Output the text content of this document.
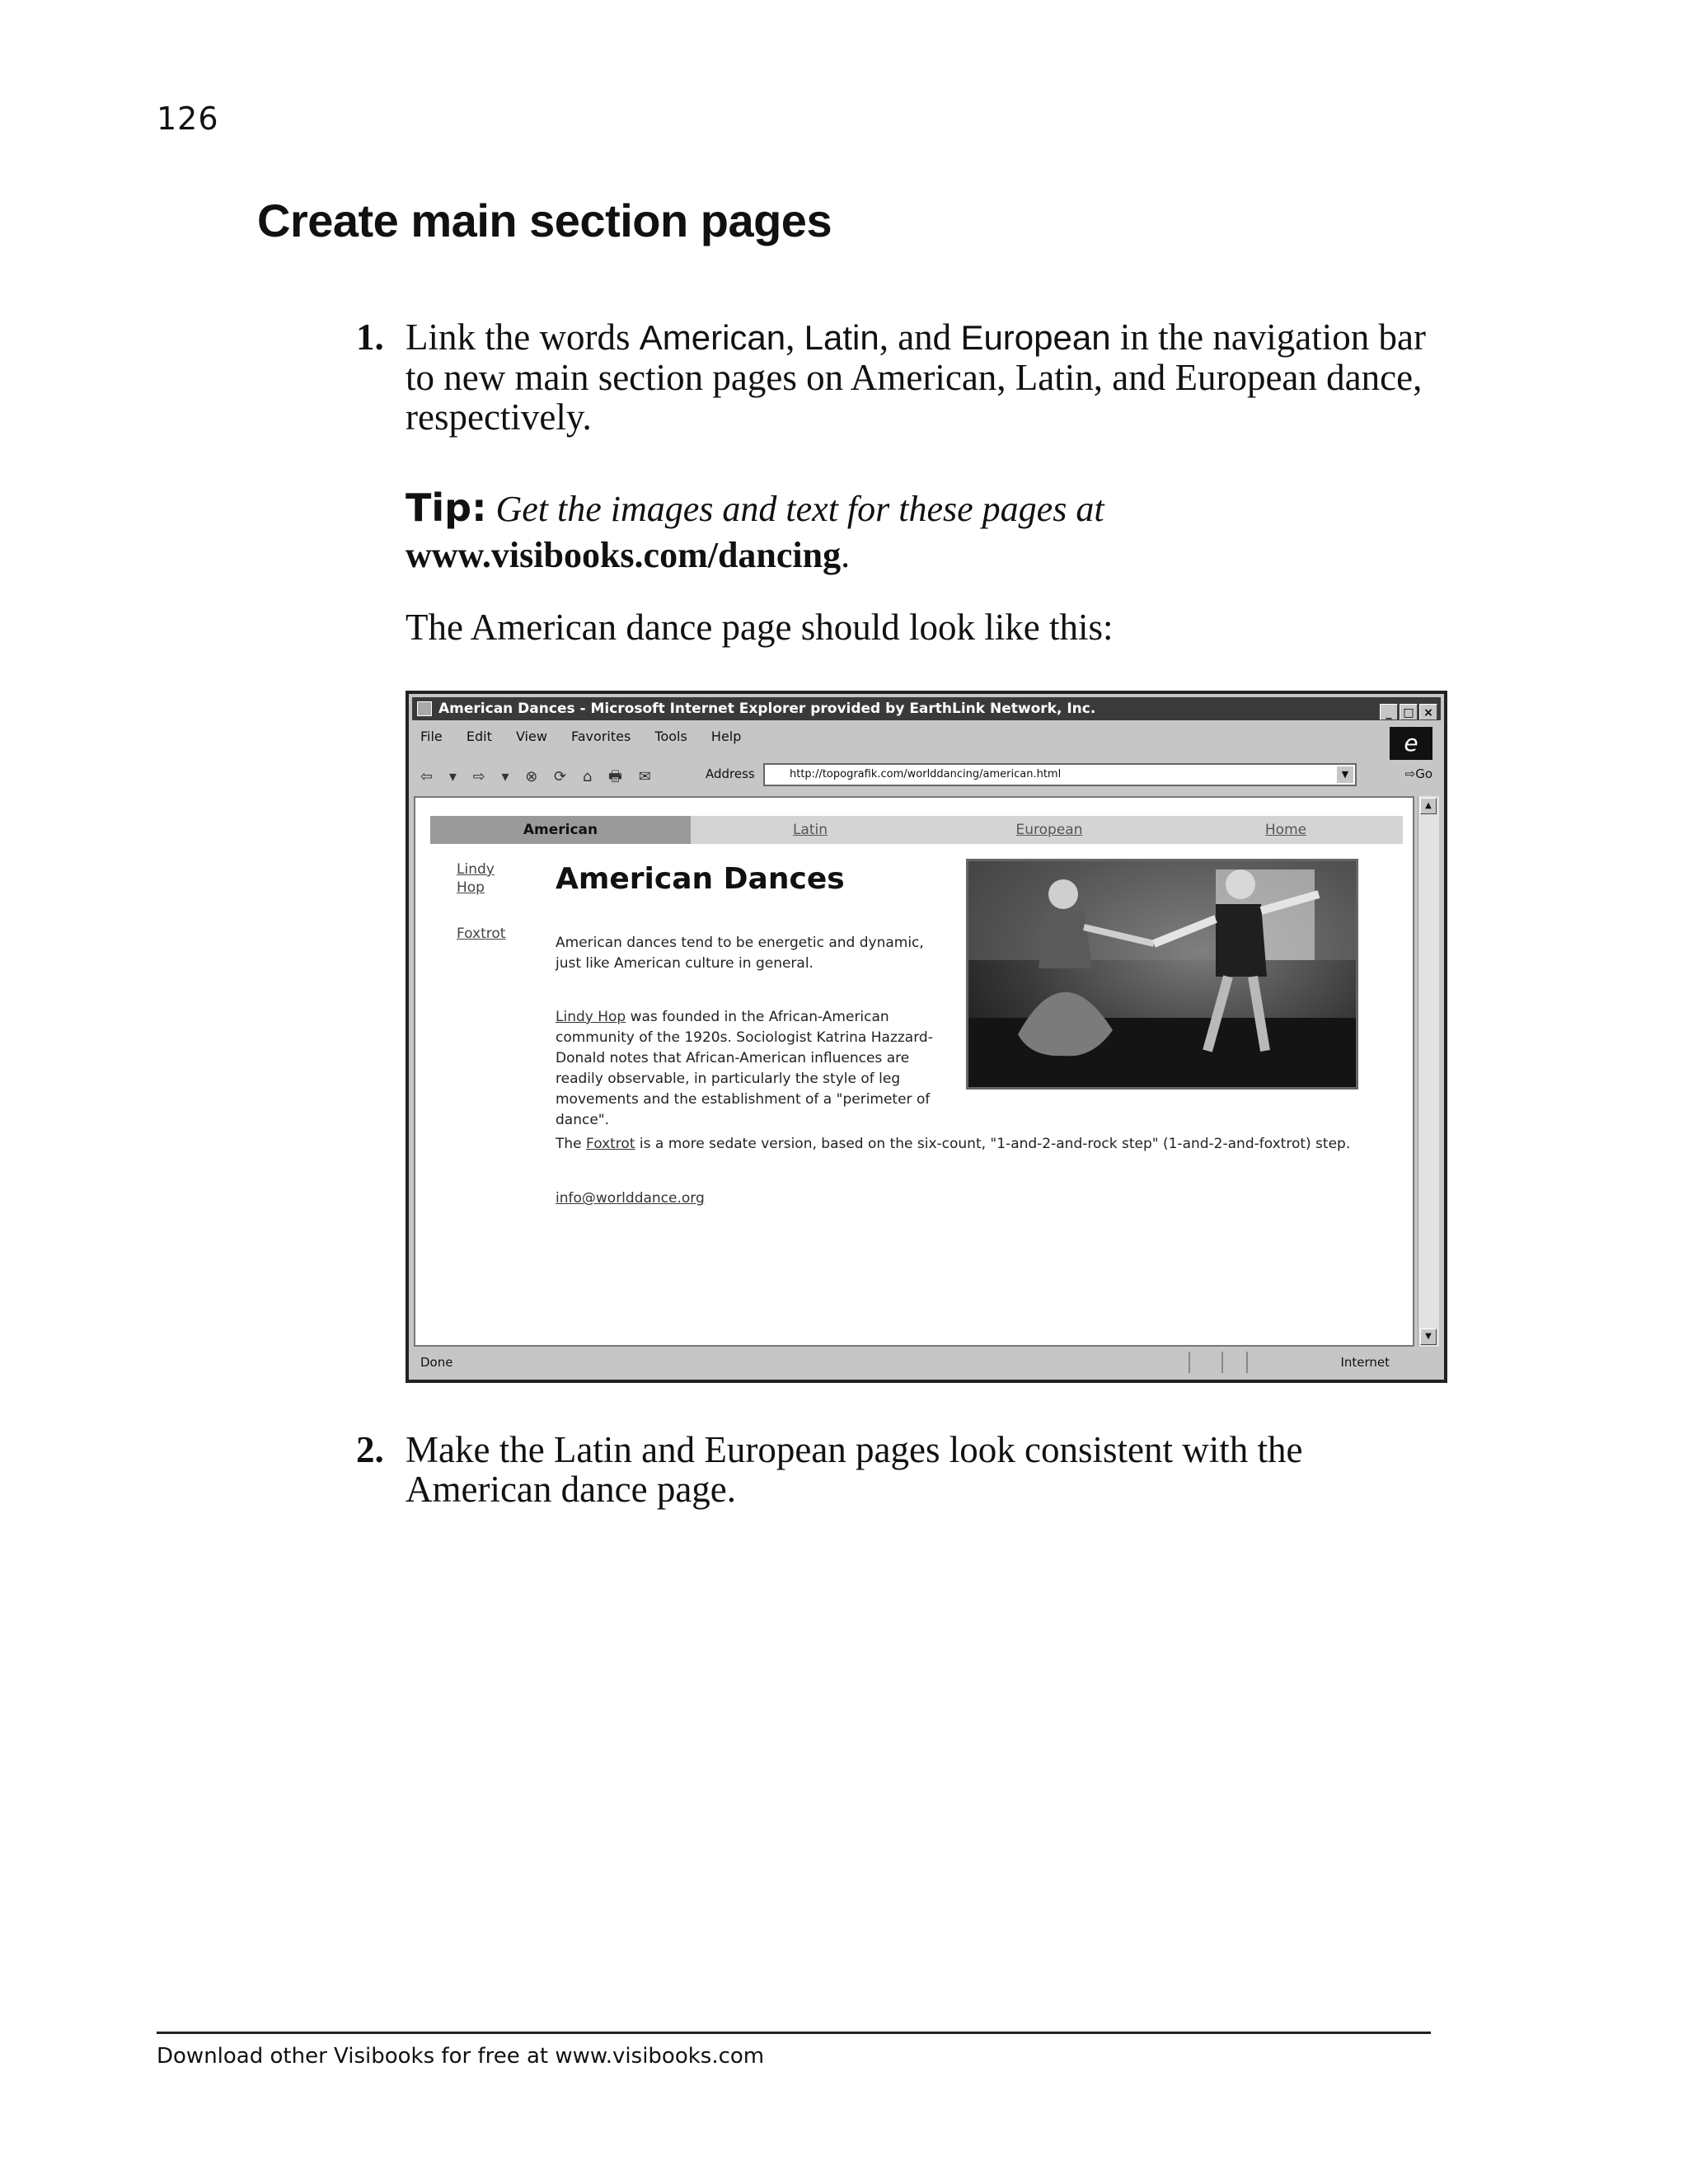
126
Create main section pages
1. Link the words American, Latin, and European in the navigation bar to new main section pages on American, Latin, and European dance, respectively.
Tip: Get the images and text for these pages at
www.visibooks.com/dancing.
The American dance page should look like this:
American Dances - Microsoft Internet Explorer provided by EarthLink Network, Inc.	_ □ ×
File Edit View Favorites Tools Help	e
⇦ ▾ ⇨ ▾ ⊗ ⟳ ⌂ 🖶 ✉	Address	http://topografik.com/worlddancing/american.html	▼	⇨Go
American	Latin	European	Home
Lindy Hop
Foxtrot
American Dances
American dances tend to be energetic and dynamic, just like American culture in general.
Lindy Hop was founded in the African-American community of the 1920s. Sociologist Katrina Hazzard-Donald notes that African-American influences are readily observable, in particularly the style of leg movements and the establishment of a "perimeter of dance".
The Foxtrot is a more sedate version, based on the six-count, "1-and-2-and-rock step" (1-and-2-and-foxtrot) step.
info@worlddance.org
▲
▼
Done	Internet
2. Make the Latin and European pages look consistent with the American dance page.
Download other Visibooks for free at www.visibooks.com
